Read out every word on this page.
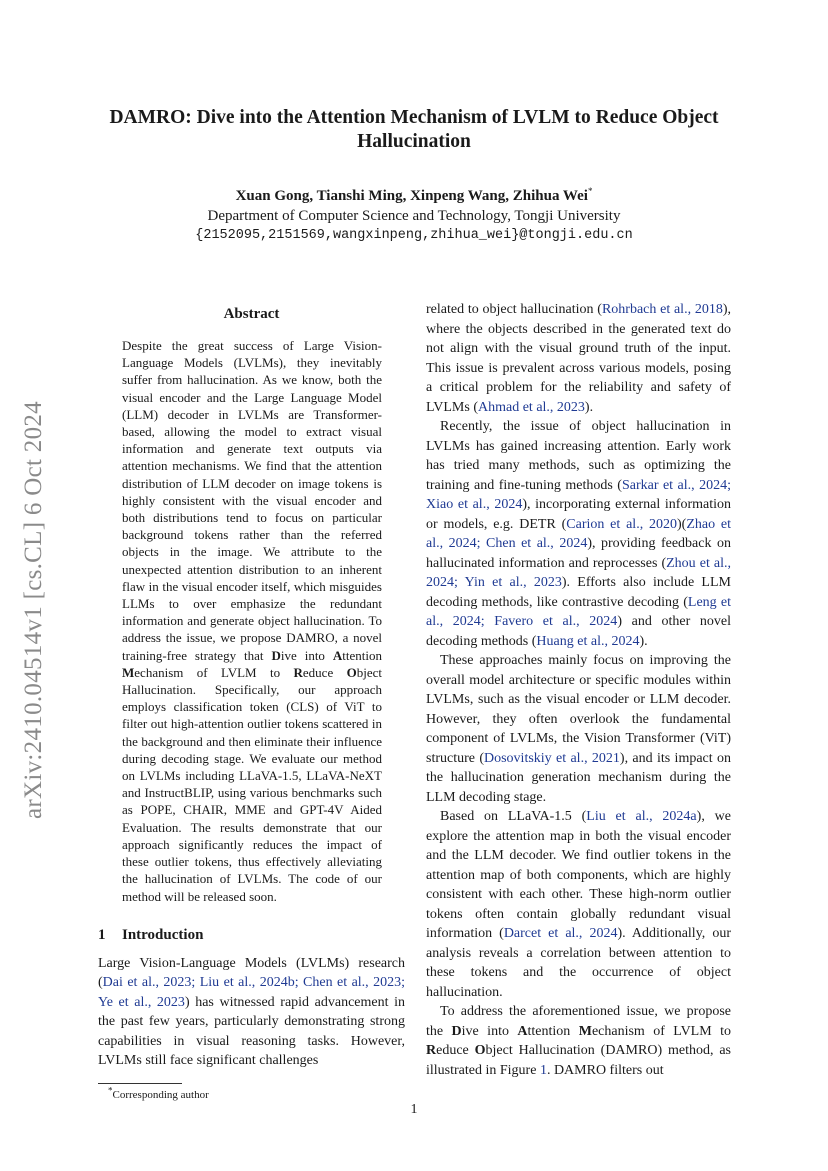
arXiv:2410.04514v1 [cs.CL] 6 Oct 2024
DAMRO: Dive into the Attention Mechanism of LVLM to Reduce Object Hallucination
Xuan Gong, Tianshi Ming, Xinpeng Wang, Zhihua Wei*
Department of Computer Science and Technology, Tongji University
{2152095,2151569,wangxinpeng,zhihua_wei}@tongji.edu.cn
Abstract
Despite the great success of Large Vision-Language Models (LVLMs), they inevitably suffer from hallucination. As we know, both the visual encoder and the Large Language Model (LLM) decoder in LVLMs are Transformer-based, allowing the model to extract visual information and generate text outputs via attention mechanisms. We find that the attention distribution of LLM decoder on image tokens is highly consistent with the visual encoder and both distributions tend to focus on particular background tokens rather than the referred objects in the image. We attribute to the unexpected attention distribution to an inherent flaw in the visual encoder itself, which misguides LLMs to over emphasize the redundant information and generate object hallucination. To address the issue, we propose DAMRO, a novel training-free strategy that Dive into Attention Mechanism of LVLM to Reduce Object Hallucination. Specifically, our approach employs classification token (CLS) of ViT to filter out high-attention outlier tokens scattered in the background and then eliminate their influence during decoding stage. We evaluate our method on LVLMs including LLaVA-1.5, LLaVA-NeXT and InstructBLIP, using various benchmarks such as POPE, CHAIR, MME and GPT-4V Aided Evaluation. The results demonstrate that our approach significantly reduces the impact of these outlier tokens, thus effectively alleviating the hallucination of LVLMs. The code of our method will be released soon.
1 Introduction

Large Vision-Language Models (LVLMs) research (Dai et al., 2023; Liu et al., 2024b; Chen et al., 2023; Ye et al., 2023) has witnessed rapid advancement in the past few years, particularly demonstrating strong capabilities in visual reasoning tasks. However, LVLMs still face significant challenges

*Corresponding author

related to object hallucination (Rohrbach et al., 2018), where the objects described in the generated text do not align with the visual ground truth of the input. This issue is prevalent across various models, posing a critical problem for the reliability and safety of LVLMs (Ahmad et al., 2023).

Recently, the issue of object hallucination in LVLMs has gained increasing attention. Early work has tried many methods, such as optimizing the training and fine-tuning methods (Sarkar et al., 2024; Xiao et al., 2024), incorporating external information or models, e.g. DETR (Carion et al., 2020)(Zhao et al., 2024; Chen et al., 2024), providing feedback on hallucinated information and reprocesses (Zhou et al., 2024; Yin et al., 2023). Efforts also include LLM decoding methods, like contrastive decoding (Leng et al., 2024; Favero et al., 2024) and other novel decoding methods (Huang et al., 2024).

These approaches mainly focus on improving the overall model architecture or specific modules within LVLMs, such as the visual encoder or LLM decoder. However, they often overlook the fundamental component of LVLMs, the Vision Transformer (ViT) structure (Dosovitskiy et al., 2021), and its impact on the hallucination generation mechanism during the LLM decoding stage.

Based on LLaVA-1.5 (Liu et al., 2024a), we explore the attention map in both the visual encoder and the LLM decoder. We find outlier tokens in the attention map of both components, which are highly consistent with each other. These high-norm outlier tokens often contain globally redundant visual information (Darcet et al., 2024). Additionally, our analysis reveals a correlation between attention to these tokens and the occurrence of object hallucination.

To address the aforementioned issue, we propose the Dive into Attention Mechanism of LVLM to Reduce Object Hallucination (DAMRO) method, as illustrated in Figure 1. DAMRO filters out

1
